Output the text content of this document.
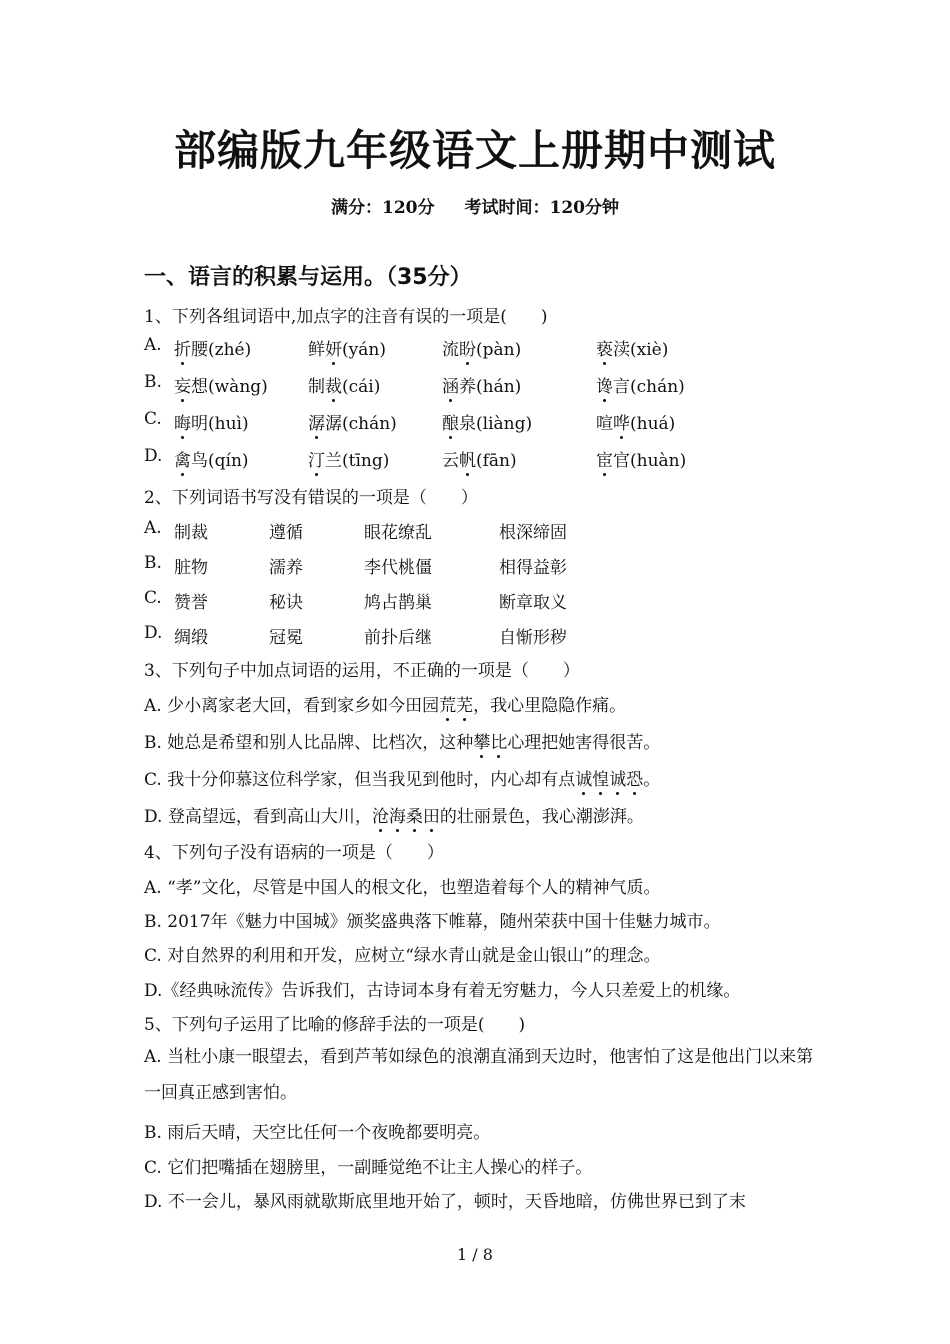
部编版九年级语文上册期中测试
满分：120分 考试时间：120分钟
一、语言的积累与运用。（35分）
1、下列各组词语中,加点字的注音有误的一项是(　　)
A. 折腰(zhé)	鲜妍(yán)	流盼(pàn)	亵渎(xiè)
B. 妄想(wàng) 制裁(cái)	涵养(hán)	谗言(chán)
C. 晦明(huì)	潺潺(chán)	酿泉(liàng)	喧哗(huá)
D. 禽鸟(qín)	汀兰(tīng)	云帆(fān)	宦官(huàn)
2、下列词语书写没有错误的一项是（　　）
A. 制裁	遵循	眼花缭乱	根深缔固
B. 脏物	濡养	李代桃僵	相得益彰
C. 赞誉	秘诀	鸠占鹊巢	断章取义
D. 绸缎	冠冕	前扑后继	自惭形秽
3、下列句子中加点词语的运用，不正确的一项是（　　）
A. 少小离家老大回，看到家乡如今田园荒芜，我心里隐隐作痛。
B. 她总是希望和别人比品牌、比档次，这种攀比心理把她害得很苦。
C. 我十分仰慕这位科学家，但当我见到他时，内心却有点诚惶诚恐。
D. 登高望远，看到高山大川，沧海桑田的壮丽景色，我心潮澎湃。
4、下列句子没有语病的一项是（　　）
A. “孝”文化，尽管是中国人的根文化，也塑造着每个人的精神气质。
B. 2017年《魅力中国城》颁奖盛典落下帷幕，随州荣获中国十佳魅力城市。
C. 对自然界的利用和开发，应树立“绿水青山就是金山银山”的理念。
D.《经典咏流传》告诉我们，古诗词本身有着无穷魅力，今人只差爱上的机缘。
5、下列句子运用了比喻的修辞手法的一项是(　　)
A. 当杜小康一眼望去，看到芦苇如绿色的浪潮直涌到天边时，他害怕了这是他出门以来第一回真正感到害怕。
B. 雨后天晴，天空比任何一个夜晚都要明亮。
C. 它们把嘴插在翅膀里，一副睡觉绝不让主人操心的样子。
D. 不一会儿，暴风雨就歇斯底里地开始了，顿时，天昏地暗，仿佛世界已到了末
1 / 8
